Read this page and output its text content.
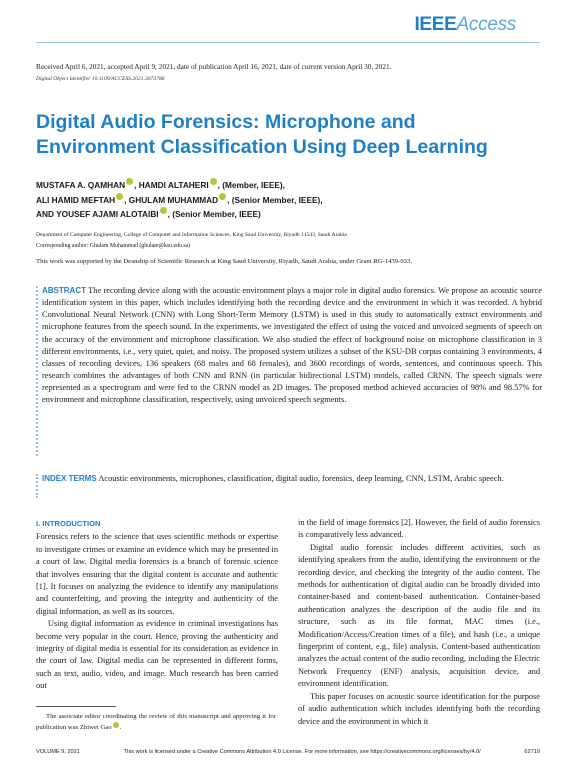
IEEEAccess
Received April 6, 2021, accepted April 9, 2021, date of publication April 16, 2021, date of current version April 30, 2021.
Digital Object Identifier 10.1109/ACCESS.2021.3073786
Digital Audio Forensics: Microphone and Environment Classification Using Deep Learning
MUSTAFA A. QAMHAN , HAMDI ALTAHERI , (Member, IEEE),
ALI HAMID MEFTAH , GHULAM MUHAMMAD , (Senior Member, IEEE),
AND YOUSEF AJAMI ALOTAIBI , (Senior Member, IEEE)
Department of Computer Engineering, College of Computer and Information Sciences, King Saud University, Riyadh 11543, Saudi Arabia
Corresponding author: Ghulam Muhammad (ghulam@ksu.edu.sa)
This work was supported by the Deanship of Scientific Research at King Saud University, Riyadh, Saudi Arabia, under Grant RG-1439-033.
ABSTRACT The recording device along with the acoustic environment plays a major role in digital audio forensics. We propose an acoustic source identification system in this paper, which includes identifying both the recording device and the environment in which it was recorded. A hybrid Convolutional Neural Network (CNN) with Long Short-Term Memory (LSTM) is used in this study to automatically extract environments and microphone features from the speech sound. In the experiments, we investigated the effect of using the voiced and unvoiced segments of speech on the accuracy of the environment and microphone classification. We also studied the effect of background noise on microphone classification in 3 different environments, i.e., very quiet, quiet, and noisy. The proposed system utilizes a subset of the KSU-DB corpus containing 3 environments, 4 classes of recording devices, 136 speakers (68 males and 68 females), and 3600 recordings of words, sentences, and continuous speech. This research combines the advantages of both CNN and RNN (in particular bidirectional LSTM) models, called CRNN. The speech signals were represented as a spectrogram and were fed to the CRNN model as 2D images. The proposed method achieved accuracies of 98% and 98.57% for environment and microphone classification, respectively, using unvoiced speech segments.
INDEX TERMS Acoustic environments, microphones, classification, digital audio, forensics, deep learning, CNN, LSTM, Arabic speech.
I. INTRODUCTION

Forensics refers to the science that uses scientific methods or expertise to investigate crimes or examine an evidence which may be presented in a court of law. Digital media forensics is a branch of forensic science that involves ensuring that the digital content is accurate and authentic [1]. It focuses on analyzing the evidence to identify any manipulations and counterfeiting, and proving the integrity and authenticity of the digital information, as well as its sources.

Using digital information as evidence in criminal investigations has become very popular in the court. Hence, proving the authenticity and integrity of digital media is essential for its consideration as evidence in the court of law. Digital media can be represented in different forms, such as text, audio, video, and image. Much research has been carried out

in the field of image forensics [2]. However, the field of audio forensics is comparatively less advanced.

Digital audio forensic includes different activities, such as identifying speakers from the audio, identifying the environment or the recording device, and checking the integrity of the audio content. The methods for authentication of digital audio can be broadly divided into container-based and content-based authentication. Container-based authentication analyzes the description of the audio file and its structure, such as its file format, MAC times (i.e., Modification/Access/Creation times of a file), and hash (i.e., a unique fingerprint of content, e.g., file) analysis. Content-based authentication analyzes the actual content of the audio recording, including the Electric Network Frequency (ENF) analysis, acquisition device, and environment identification.

This paper focuses on acoustic source identification for the purpose of audio authentication which includes identifying both the recording device and the environment in which it

The associate editor coordinating the review of this manuscript and approving it for publication was Zhiwei Gao .
VOLUME 9, 2021	This work is licensed under a Creative Commons Attribution 4.0 License. For more information, see https://creativecommons.org/licenses/by/4.0/	62719
